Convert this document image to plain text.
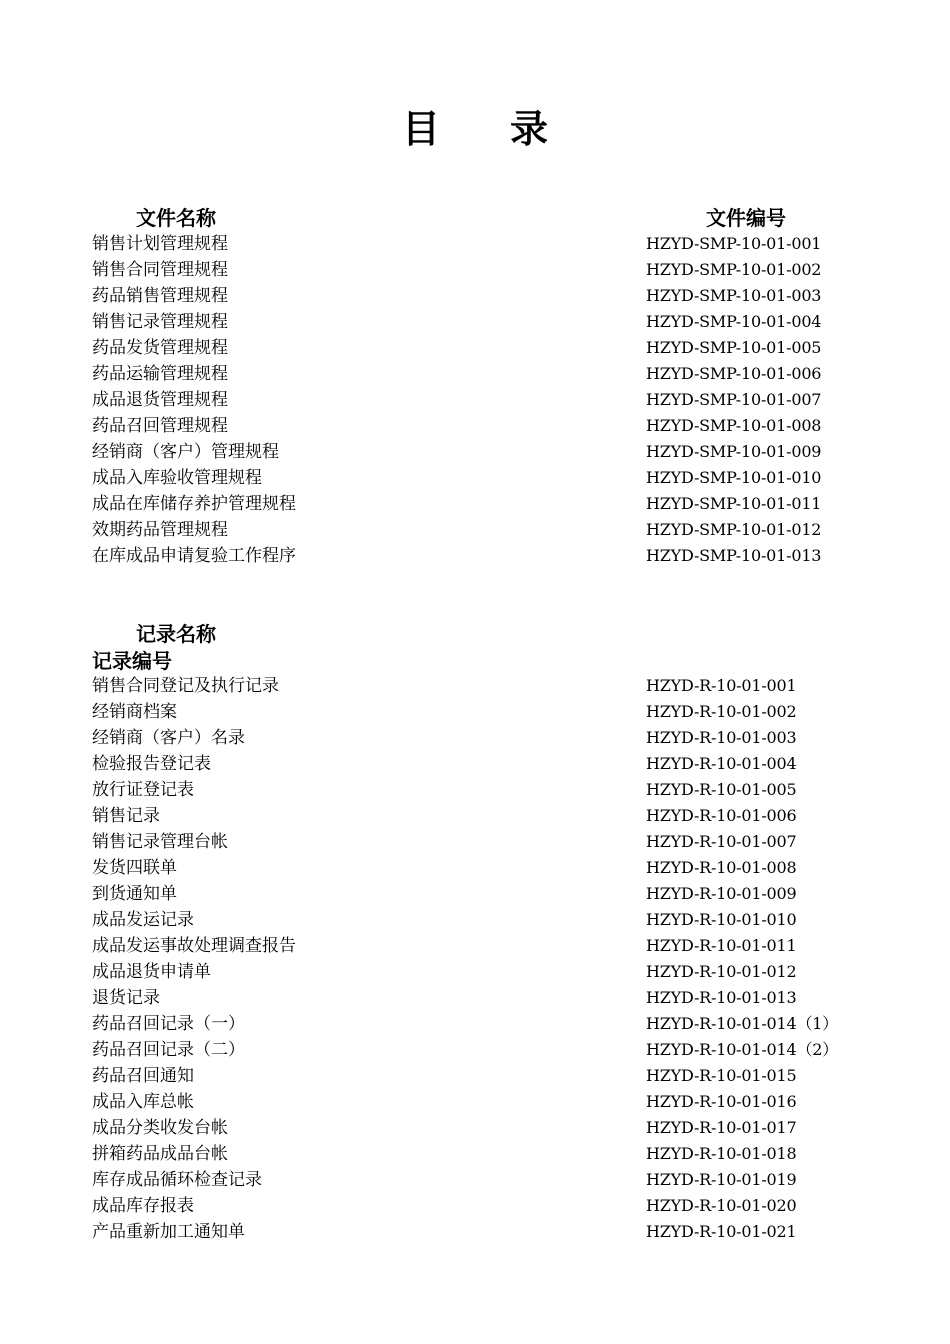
目 录
文件名称	文件编号
销售计划管理规程	HZYD-SMP-10-01-001
销售合同管理规程	HZYD-SMP-10-01-002
药品销售管理规程	HZYD-SMP-10-01-003
销售记录管理规程	HZYD-SMP-10-01-004
药品发货管理规程	HZYD-SMP-10-01-005
药品运输管理规程	HZYD-SMP-10-01-006
成品退货管理规程	HZYD-SMP-10-01-007
药品召回管理规程	HZYD-SMP-10-01-008
经销商（客户）管理规程	HZYD-SMP-10-01-009
成品入库验收管理规程	HZYD-SMP-10-01-010
成品在库储存养护管理规程	HZYD-SMP-10-01-011
效期药品管理规程	HZYD-SMP-10-01-012
在库成品申请复验工作程序	HZYD-SMP-10-01-013
记录名称
记录编号
销售合同登记及执行记录	HZYD-R-10-01-001
经销商档案	HZYD-R-10-01-002
经销商（客户）名录	HZYD-R-10-01-003
检验报告登记表	HZYD-R-10-01-004
放行证登记表	HZYD-R-10-01-005
销售记录	HZYD-R-10-01-006
销售记录管理台帐	HZYD-R-10-01-007
发货四联单	HZYD-R-10-01-008
到货通知单	HZYD-R-10-01-009
成品发运记录	HZYD-R-10-01-010
成品发运事故处理调查报告	HZYD-R-10-01-011
成品退货申请单	HZYD-R-10-01-012
退货记录	HZYD-R-10-01-013
药品召回记录（一）	HZYD-R-10-01-014（1）
药品召回记录（二）	HZYD-R-10-01-014（2）
药品召回通知	HZYD-R-10-01-015
成品入库总帐	HZYD-R-10-01-016
成品分类收发台帐	HZYD-R-10-01-017
拼箱药品成品台帐	HZYD-R-10-01-018
库存成品循环检查记录	HZYD-R-10-01-019
成品库存报表	HZYD-R-10-01-020
产品重新加工通知单	HZYD-R-10-01-021
